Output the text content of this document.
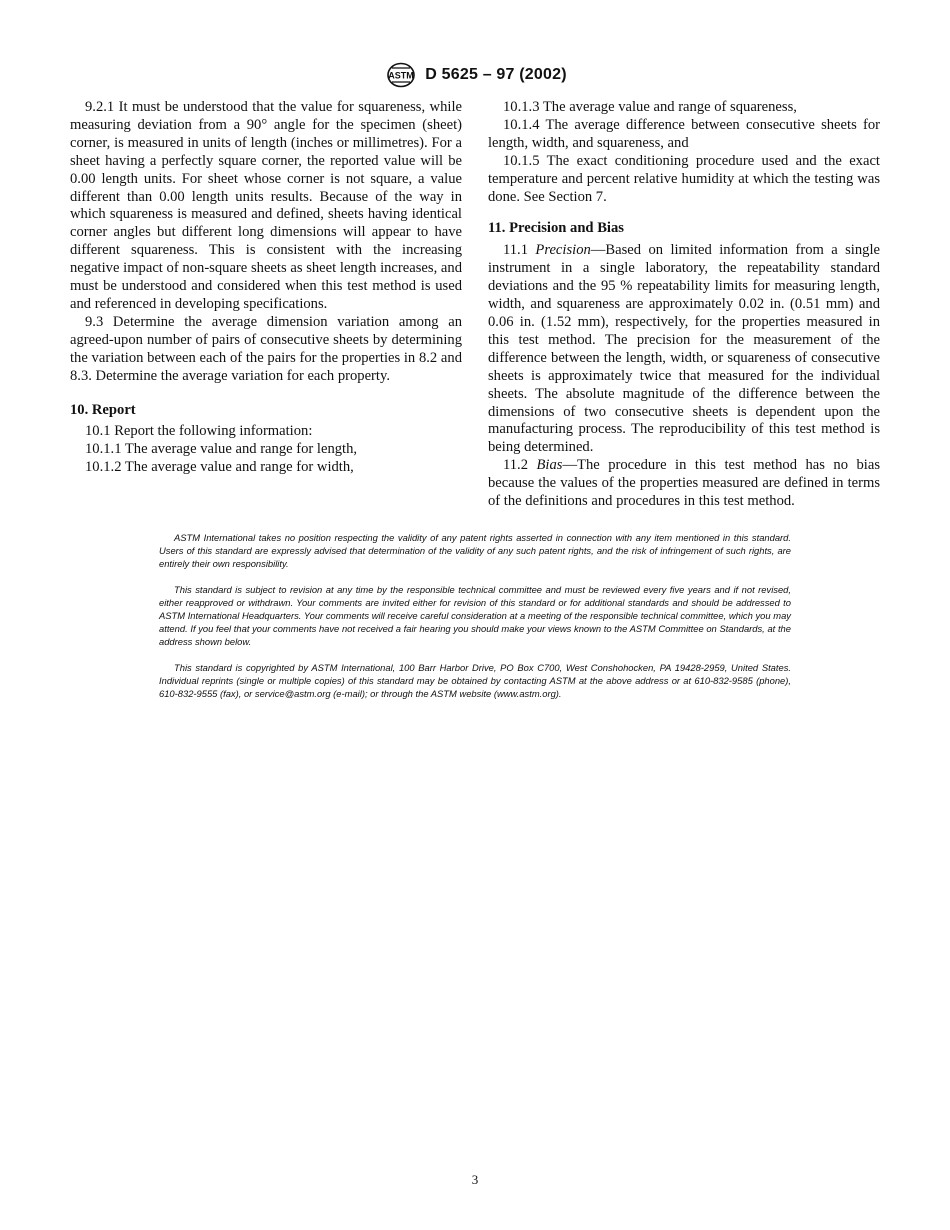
ASTM D 5625 – 97 (2002)

9.2.1 It must be understood that the value for squareness, while measuring deviation from a 90° angle for the specimen (sheet) corner, is measured in units of length (inches or millimetres). For a sheet having a perfectly square corner, the reported value will be 0.00 length units. For sheet whose corner is not square, a value different than 0.00 length units results. Because of the way in which squareness is measured and defined, sheets having identical corner angles but different long dimensions will appear to have different squareness. This is consistent with the increasing negative impact of non-square sheets as sheet length increases, and must be understood and considered when this test method is used and referenced in developing specifications.

9.3 Determine the average dimension variation among an agreed-upon number of pairs of consecutive sheets by determining the variation between each of the pairs for the properties in 8.2 and 8.3. Determine the average variation for each property.

10. Report

10.1 Report the following information:

10.1.1 The average value and range for length,

10.1.2 The average value and range for width,

10.1.3 The average value and range of squareness,

10.1.4 The average difference between consecutive sheets for length, width, and squareness, and

10.1.5 The exact conditioning procedure used and the exact temperature and percent relative humidity at which the testing was done. See Section 7.

11. Precision and Bias

11.1 Precision—Based on limited information from a single instrument in a single laboratory, the repeatability standard deviations and the 95 % repeatability limits for measuring length, width, and squareness are approximately 0.02 in. (0.51 mm) and 0.06 in. (1.52 mm), respectively, for the properties measured in this test method. The precision for the measurement of the difference between the length, width, or squareness of consecutive sheets is approximately twice that measured for the individual sheets. The absolute magnitude of the difference between the dimensions of two consecutive sheets is dependent upon the manufacturing process. The reproducibility of this test method is being determined.

11.2 Bias—The procedure in this test method has no bias because the values of the properties measured are defined in terms of the definitions and procedures in this test method.

ASTM International takes no position respecting the validity of any patent rights asserted in connection with any item mentioned in this standard. Users of this standard are expressly advised that determination of the validity of any such patent rights, and the risk of infringement of such rights, are entirely their own responsibility.

This standard is subject to revision at any time by the responsible technical committee and must be reviewed every five years and if not revised, either reapproved or withdrawn. Your comments are invited either for revision of this standard or for additional standards and should be addressed to ASTM International Headquarters. Your comments will receive careful consideration at a meeting of the responsible technical committee, which you may attend. If you feel that your comments have not received a fair hearing you should make your views known to the ASTM Committee on Standards, at the address shown below.

This standard is copyrighted by ASTM International, 100 Barr Harbor Drive, PO Box C700, West Conshohocken, PA 19428-2959, United States. Individual reprints (single or multiple copies) of this standard may be obtained by contacting ASTM at the above address or at 610-832-9585 (phone), 610-832-9555 (fax), or service@astm.org (e-mail); or through the ASTM website (www.astm.org).

3
